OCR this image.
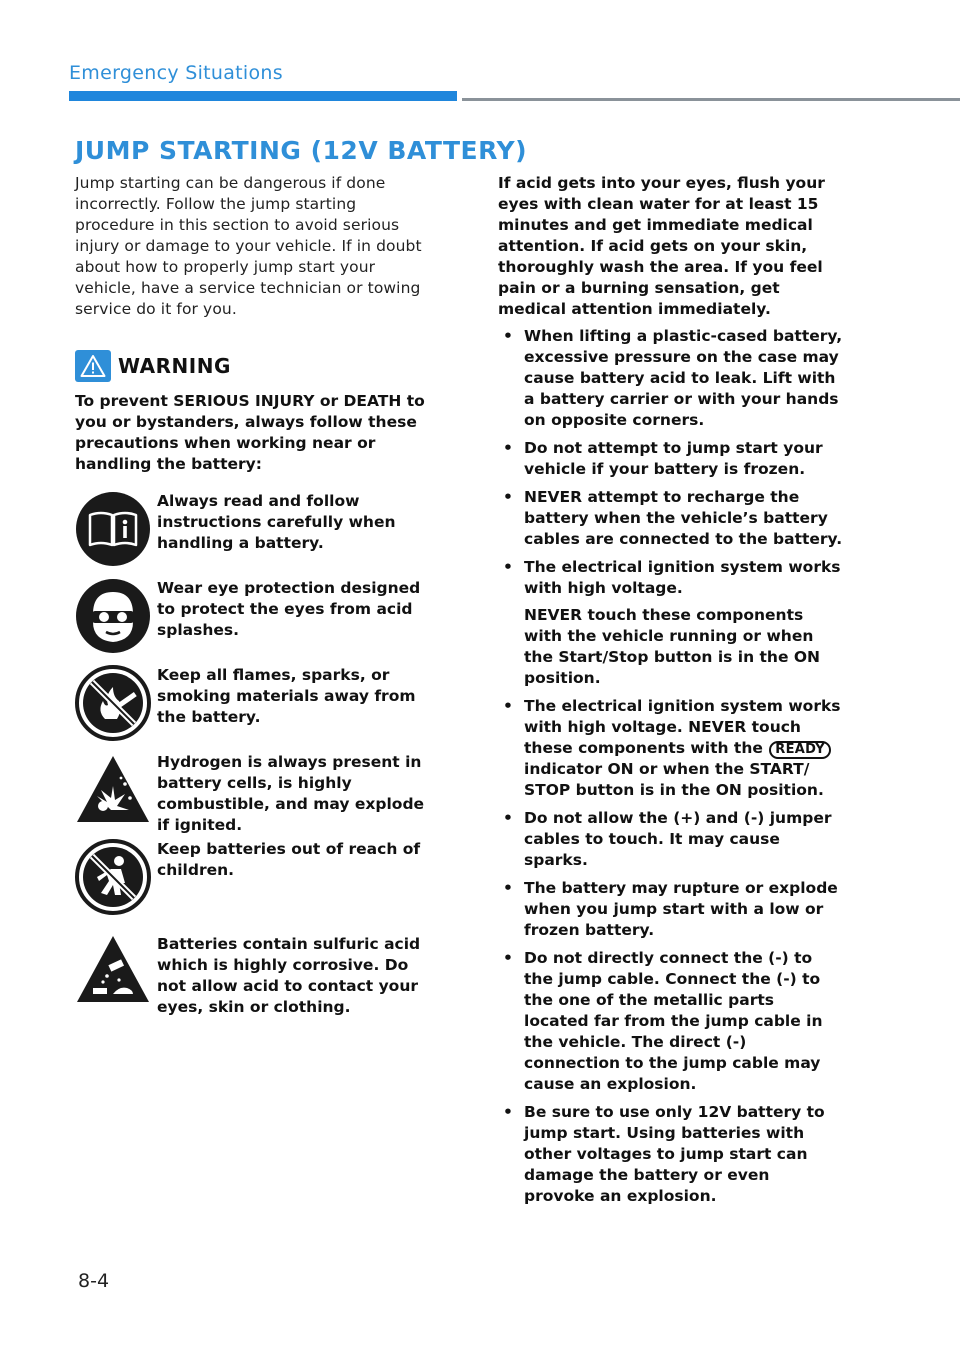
Emergency Situations
JUMP STARTING (12V BATTERY)

Jump starting can be dangerous if done incorrectly. Follow the jump starting procedure in this section to avoid serious injury or damage to your vehicle. If in doubt about how to properly jump start your vehicle, have a service technician or towing service do it for you.

WARNING

To prevent SERIOUS INJURY or DEATH to you or bystanders, always follow these precautions when working near or handling the battery:

Always read and follow instructions carefully when handling a battery.
Wear eye protection designed to protect the eyes from acid splashes.
Keep all flames, sparks, or smoking materials away from the battery.
Hydrogen is always present in battery cells, is highly combustible, and may explode if ignited.
Keep batteries out of reach of children.
Batteries contain sulfuric acid which is highly corrosive. Do not allow acid to contact your eyes, skin or clothing.

If acid gets into your eyes, flush your eyes with clean water for at least 15 minutes and get immediate medical attention. If acid gets on your skin, thoroughly wash the area. If you feel pain or a burning sensation, get medical attention immediately.

• When lifting a plastic-cased battery, excessive pressure on the case may cause battery acid to leak. Lift with a battery carrier or with your hands on opposite corners.
• Do not attempt to jump start your vehicle if your battery is frozen.
• NEVER attempt to recharge the battery when the vehicle’s battery cables are connected to the battery.
• The electrical ignition system works with high voltage.
NEVER touch these components with the vehicle running or when the Start/Stop button is in the ON position.
• The electrical ignition system works with high voltage. NEVER touch these components with the READY indicator ON or when the START/ STOP button is in the ON position.
• Do not allow the (+) and (-) jumper cables to touch. It may cause sparks.
• The battery may rupture or explode when you jump start with a low or frozen battery.
• Do not directly connect the (-) to the jump cable. Connect the (-) to the one of the metallic parts located far from the jump cable in the vehicle. The direct (-) connection to the jump cable may cause an explosion.
• Be sure to use only 12V battery to jump start. Using batteries with other voltages to jump start can damage the battery or even provoke an explosion.
8-4
